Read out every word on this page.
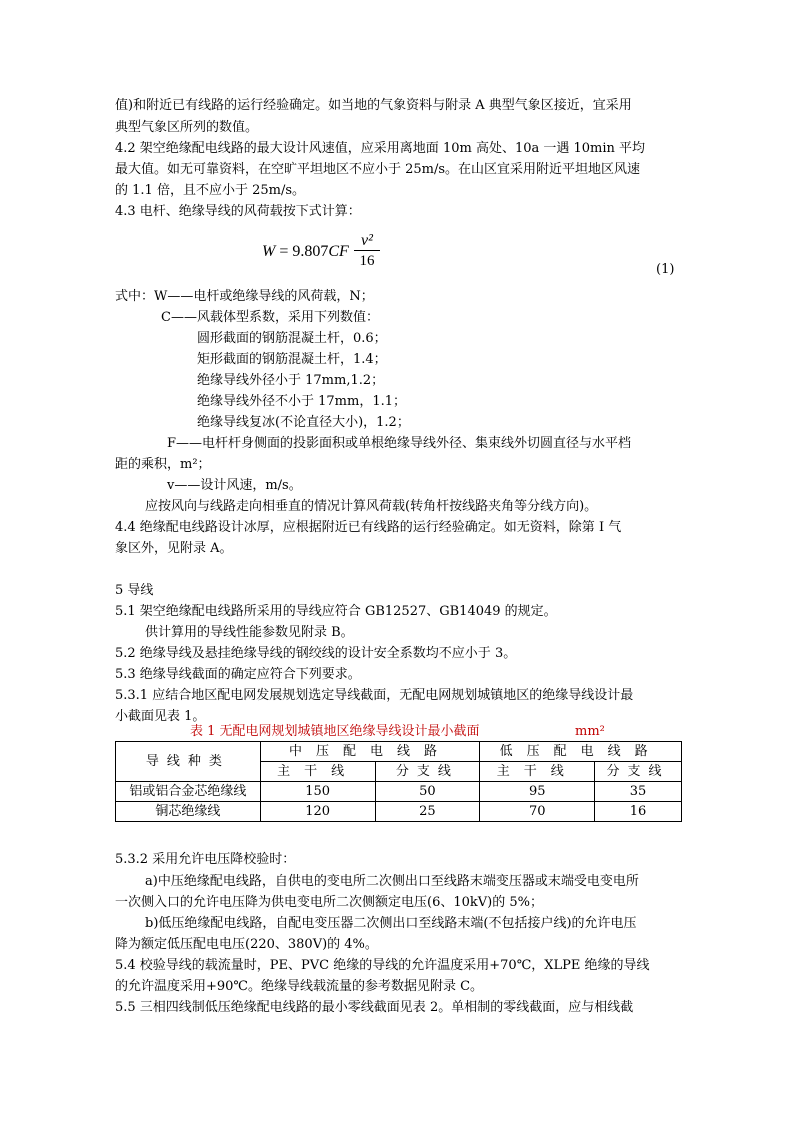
值)和附近已有线路的运行经验确定。如当地的气象资料与附录 A 典型气象区接近，宜采用
典型气象区所列的数值。
4.2 架空绝缘配电线路的最大设计风速值，应采用离地面 10m 高处、10a 一遇 10min 平均
最大值。如无可靠资料，在空旷平坦地区不应小于 25m/s。在山区宜采用附近平坦地区风速
的 1.1 倍，且不应小于 25m/s。
4.3 电杆、绝缘导线的风荷载按下式计算：
$W = 9.807CF \frac{\text{v²}}{16}$	(1)
式中：W——电杆或绝缘导线的风荷载，N；
C——风载体型系数，采用下列数值：
圆形截面的钢筋混凝土杆，0.6；
矩形截面的钢筋混凝土杆，1.4；
绝缘导线外径小于 17mm,1.2；
绝缘导线外径不小于 17mm，1.1；
绝缘导线复冰(不论直径大小)，1.2；
F——电杆杆身侧面的投影面积或单根绝缘导线外径、集束线外切圆直径与水平档
距的乘积，m²；
v——设计风速，m/s。
应按风向与线路走向相垂直的情况计算风荷载(转角杆按线路夹角等分线方向)。
4.4 绝缘配电线路设计冰厚，应根据附近已有线路的运行经验确定。如无资料，除第 I 气
象区外，见附录 A。
5 导线
5.1 架空绝缘配电线路所采用的导线应符合 GB12527、GB14049 的规定。
供计算用的导线性能参数见附录 B。
5.2 绝缘导线及悬挂绝缘导线的钢绞线的设计安全系数均不应小于 3。
5.3 绝缘导线截面的确定应符合下列要求。
5.3.1 应结合地区配电网发展规划选定导线截面，无配电网规划城镇地区的绝缘导线设计最
小截面见表 1。
表 1 无配电网规划城镇地区绝缘导线设计最小截面	mm²
导线种类	中压配电线路		低压配电线路	
	主干线	分支线	主干线	分支线
铝或铝合金芯绝缘线	150	50	95	35
铜芯绝缘线	120	25	70	16
5.3.2 采用允许电压降校验时：
a)中压绝缘配电线路，自供电的变电所二次侧出口至线路末端变压器或末端受电变电所
一次侧入口的允许电压降为供电变电所二次侧额定电压(6、10kV)的 5%；
b)低压绝缘配电线路，自配电变压器二次侧出口至线路末端(不包括接户线)的允许电压
降为额定低压配电电压(220、380V)的 4%。
5.4 校验导线的载流量时，PE、PVC 绝缘的导线的允许温度采用+70℃，XLPE 绝缘的导线
的允许温度采用+90℃。绝缘导线载流量的参考数据见附录 C。
5.5 三相四线制低压绝缘配电线路的最小零线截面见表 2。单相制的零线截面，应与相线截
